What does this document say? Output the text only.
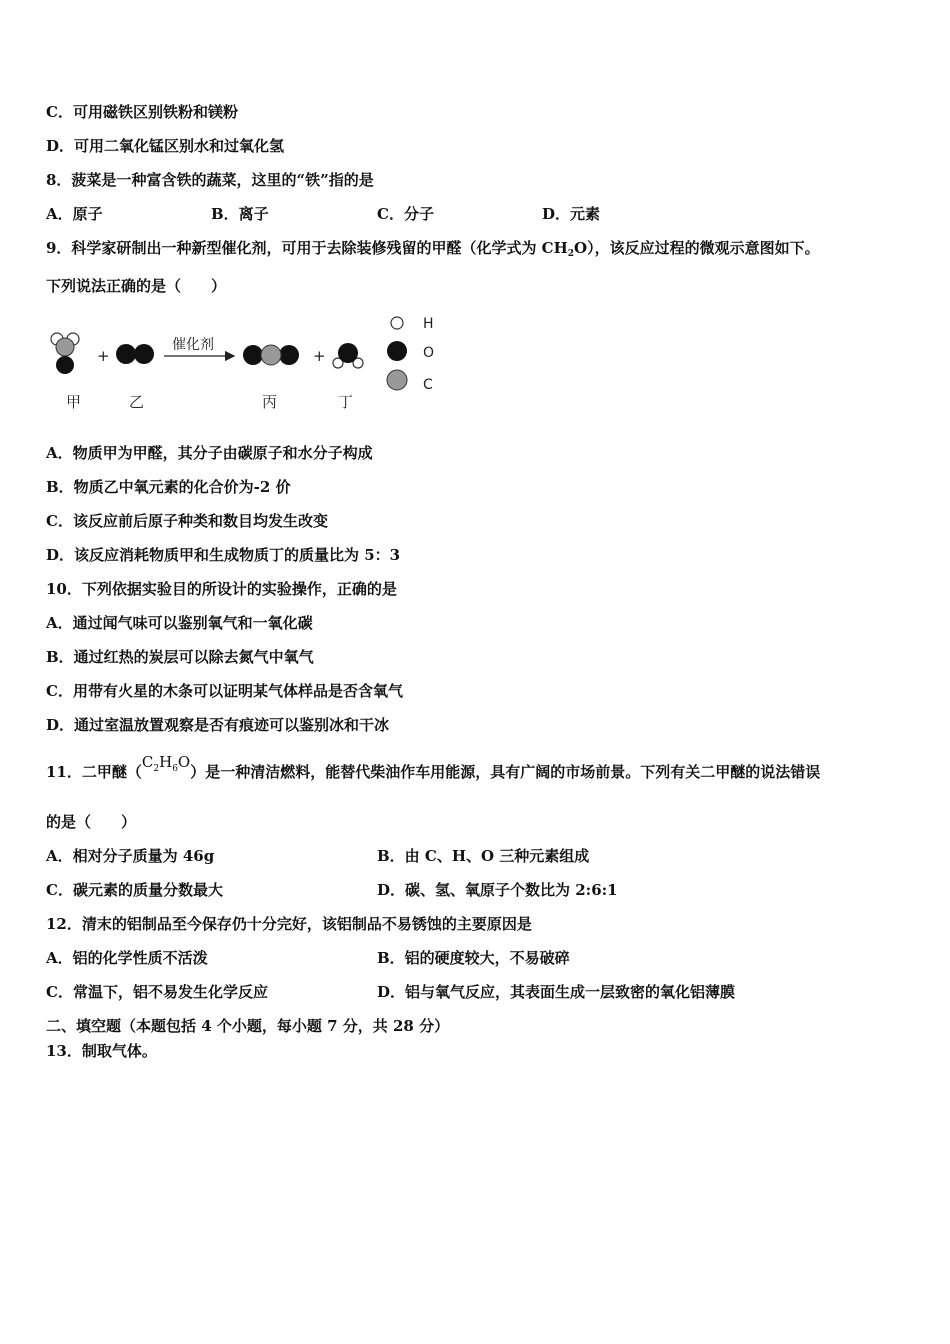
C．可用磁铁区别铁粉和镁粉
D．可用二氧化锰区别水和过氧化氢
8．菠菜是一种富含铁的蔬菜，这里的“铁”指的是
A．原子	B．离子	C．分子	D．元素
9．科学家研制出一种新型催化剂，可用于去除装修残留的甲醛（化学式为 $CH_2O$），该反应过程的微观示意图如下。
下列说法正确的是（　　）
+
催化剂
+
H
O
C
甲	乙	丙	丁
A．物质甲为甲醛，其分子由碳原子和水分子构成
B．物质乙中氧元素的化合价为-2 价
C．该反应前后原子种类和数目均发生改变
D．该反应消耗物质甲和生成物质丁的质量比为 5：3
10．下列依据实验目的所设计的实验操作，正确的是
A．通过闻气味可以鉴别氧气和一氧化碳
B．通过红热的炭层可以除去氮气中氧气
C．用带有火星的木条可以证明某气体样品是否含氧气
D．通过室温放置观察是否有痕迹可以鉴别冰和干冰
11．二甲醚$(C_2H_6O)$是一种清洁燃料，能替代柴油作车用能源，具有广阔的市场前景。下列有关二甲醚的说法错误
的是（　　）
A．相对分子质量为 46g	B．由 C、H、O 三种元素组成
C．碳元素的质量分数最大	D．碳、氢、氧原子个数比为 2:6:1
12．清末的铝制品至今保存仍十分完好，该铝制品不易锈蚀的主要原因是
A．铝的化学性质不活泼	B．铝的硬度较大，不易破碎
C．常温下，铝不易发生化学反应	D．铝与氧气反应，其表面生成一层致密的氧化铝薄膜
二、填空题（本题包括 4 个小题，每小题 7 分，共 28 分）
13．制取气体。
